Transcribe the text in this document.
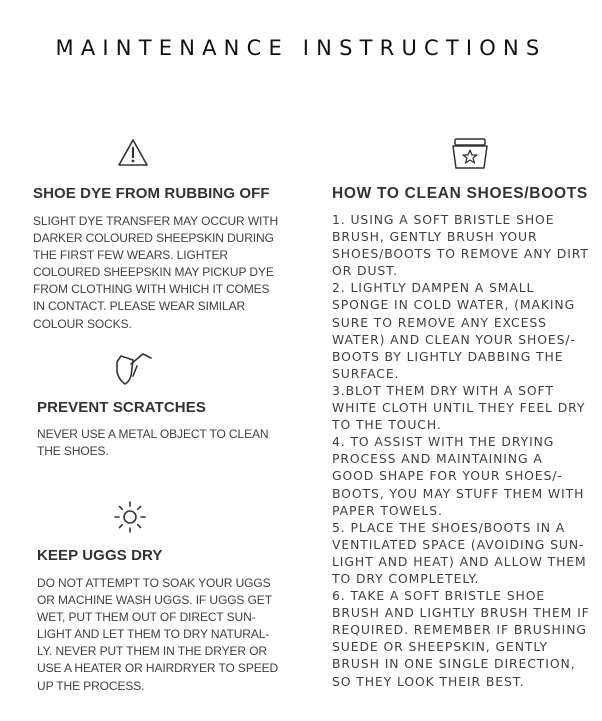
MAINTENANCE INSTRUCTIONS
SHOE DYE FROM RUBBING OFF
SLIGHT DYE TRANSFER MAY OCCUR WITH
DARKER COLOURED SHEEPSKIN DURING
THE FIRST FEW WEARS. LIGHTER
COLOURED SHEEPSKIN MAY PICKUP DYE
FROM CLOTHING WITH WHICH IT COMES
IN CONTACT. PLEASE WEAR SIMILAR
COLOUR SOCKS.
PREVENT SCRATCHES
NEVER USE A METAL OBJECT TO CLEAN
THE SHOES.
KEEP UGGS DRY
DO NOT ATTEMPT TO SOAK YOUR UGGS
OR MACHINE WASH UGGS. IF UGGS GET
WET, PUT THEM OUT OF DIRECT SUN-
LIGHT AND LET THEM TO DRY NATURAL-
LY. NEVER PUT THEM IN THE DRYER OR
USE A HEATER OR HAIRDRYER TO SPEED
UP THE PROCESS.
HOW TO CLEAN SHOES/BOOTS
1. USING A SOFT BRISTLE SHOE
BRUSH, GENTLY BRUSH YOUR
SHOES/BOOTS TO REMOVE ANY DIRT
OR DUST.
2. LIGHTLY DAMPEN A SMALL
SPONGE IN COLD WATER, (MAKING
SURE TO REMOVE ANY EXCESS
WATER) AND CLEAN YOUR SHOES/-
BOOTS BY LIGHTLY DABBING THE
SURFACE.
3.BLOT THEM DRY WITH A SOFT
WHITE CLOTH UNTIL THEY FEEL DRY
TO THE TOUCH.
4. TO ASSIST WITH THE DRYING
PROCESS AND MAINTAINING A
GOOD SHAPE FOR YOUR SHOES/-
BOOTS, YOU MAY STUFF THEM WITH
PAPER TOWELS.
5. PLACE THE SHOES/BOOTS IN A
VENTILATED SPACE (AVOIDING SUN-
LIGHT AND HEAT) AND ALLOW THEM
TO DRY COMPLETELY.
6. TAKE A SOFT BRISTLE SHOE
BRUSH AND LIGHTLY BRUSH THEM IF
REQUIRED. REMEMBER IF BRUSHING
SUEDE OR SHEEPSKIN, GENTLY
BRUSH IN ONE SINGLE DIRECTION,
SO THEY LOOK THEIR BEST.
